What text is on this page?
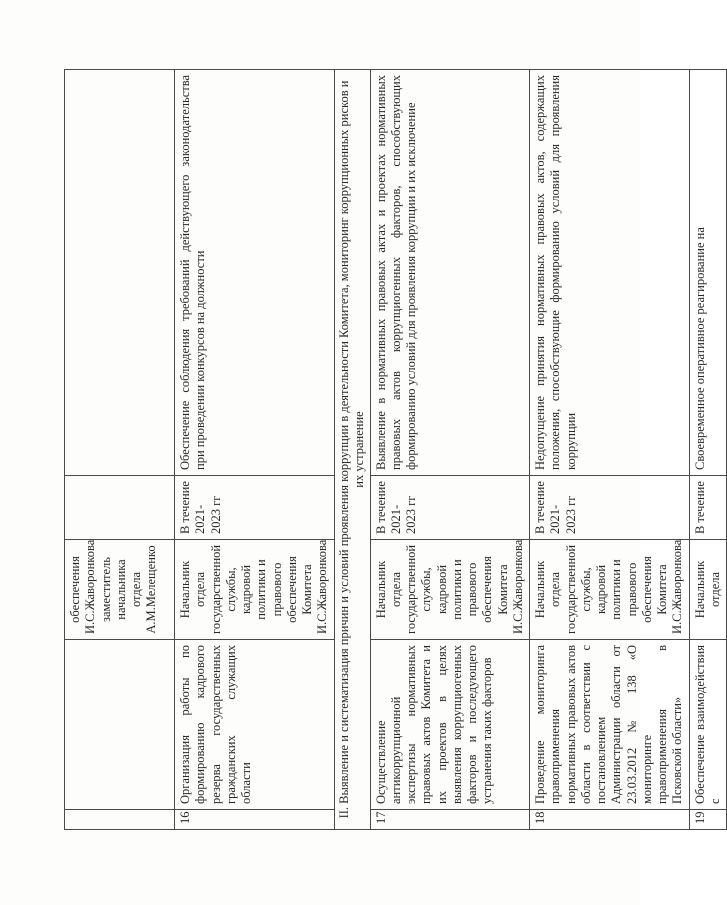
		обеспечения
И.С.Жаворонкова
заместитель
начальника отдела
А.М.Мелещенко		

16	Организация работы по формированию кадрового резерва государственных гражданских служащих области	Начальник отдела государственной службы, кадровой политики и правового обеспечения Комитета
И.С.Жаворонкова	В течение 2021-2023 гг	Обеспечение соблюдения требований действующего законодательства при проведении конкурсов на должности
II. Выявление и систематизация причин и условий проявления коррупции в деятельности Комитета, мониторинг коррупционных рисков и их устранение				
17	Осуществление антикоррупционной экспертизы нормативных правовых актов Комитета и их проектов в целях выявления коррупциогенных факторов и последующего устранения таких факторов	Начальник отдела государственной службы, кадровой политики и правового обеспечения Комитета
И.С.Жаворонкова	В течение 2021-2023 гг	Выявление в нормативных правовых актах и проектах нормативных правовых актов коррупциогенных факторов, способствующих формированию условий для проявления коррупции и их исключение
18	Проведение мониторинга правоприменения нормативных правовых актов области в соответствии с постановлением Администрации области от 23.03.2012 № 138 «О мониторинге правоприменения в Псковской области»	Начальник отдела государственной службы, кадровой политики и правового обеспечения Комитета
И.С.Жаворонкова	В течение 2021-2023 гг	Недопущение принятия нормативных правовых актов, содержащих положения, способствующие формированию условий для проявления коррупции
19	Обеспечение взаимодействия с	Начальник отдела	В течение	Своевременное оперативное реагирование на
